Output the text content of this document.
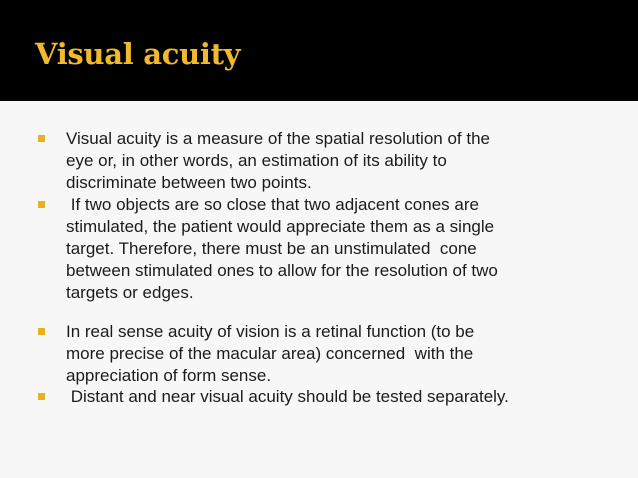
Visual acuity
Visual acuity is a measure of the spatial resolution of the
eye or, in other words, an estimation of its ability to
discriminate between two points.
If two objects are so close that two adjacent cones are
stimulated, the patient would appreciate them as a single
target. Therefore, there must be an unstimulated  cone
between stimulated ones to allow for the resolution of two
targets or edges.
In real sense acuity of vision is a retinal function (to be
more precise of the macular area) concerned  with the
appreciation of form sense.
Distant and near visual acuity should be tested separately.
